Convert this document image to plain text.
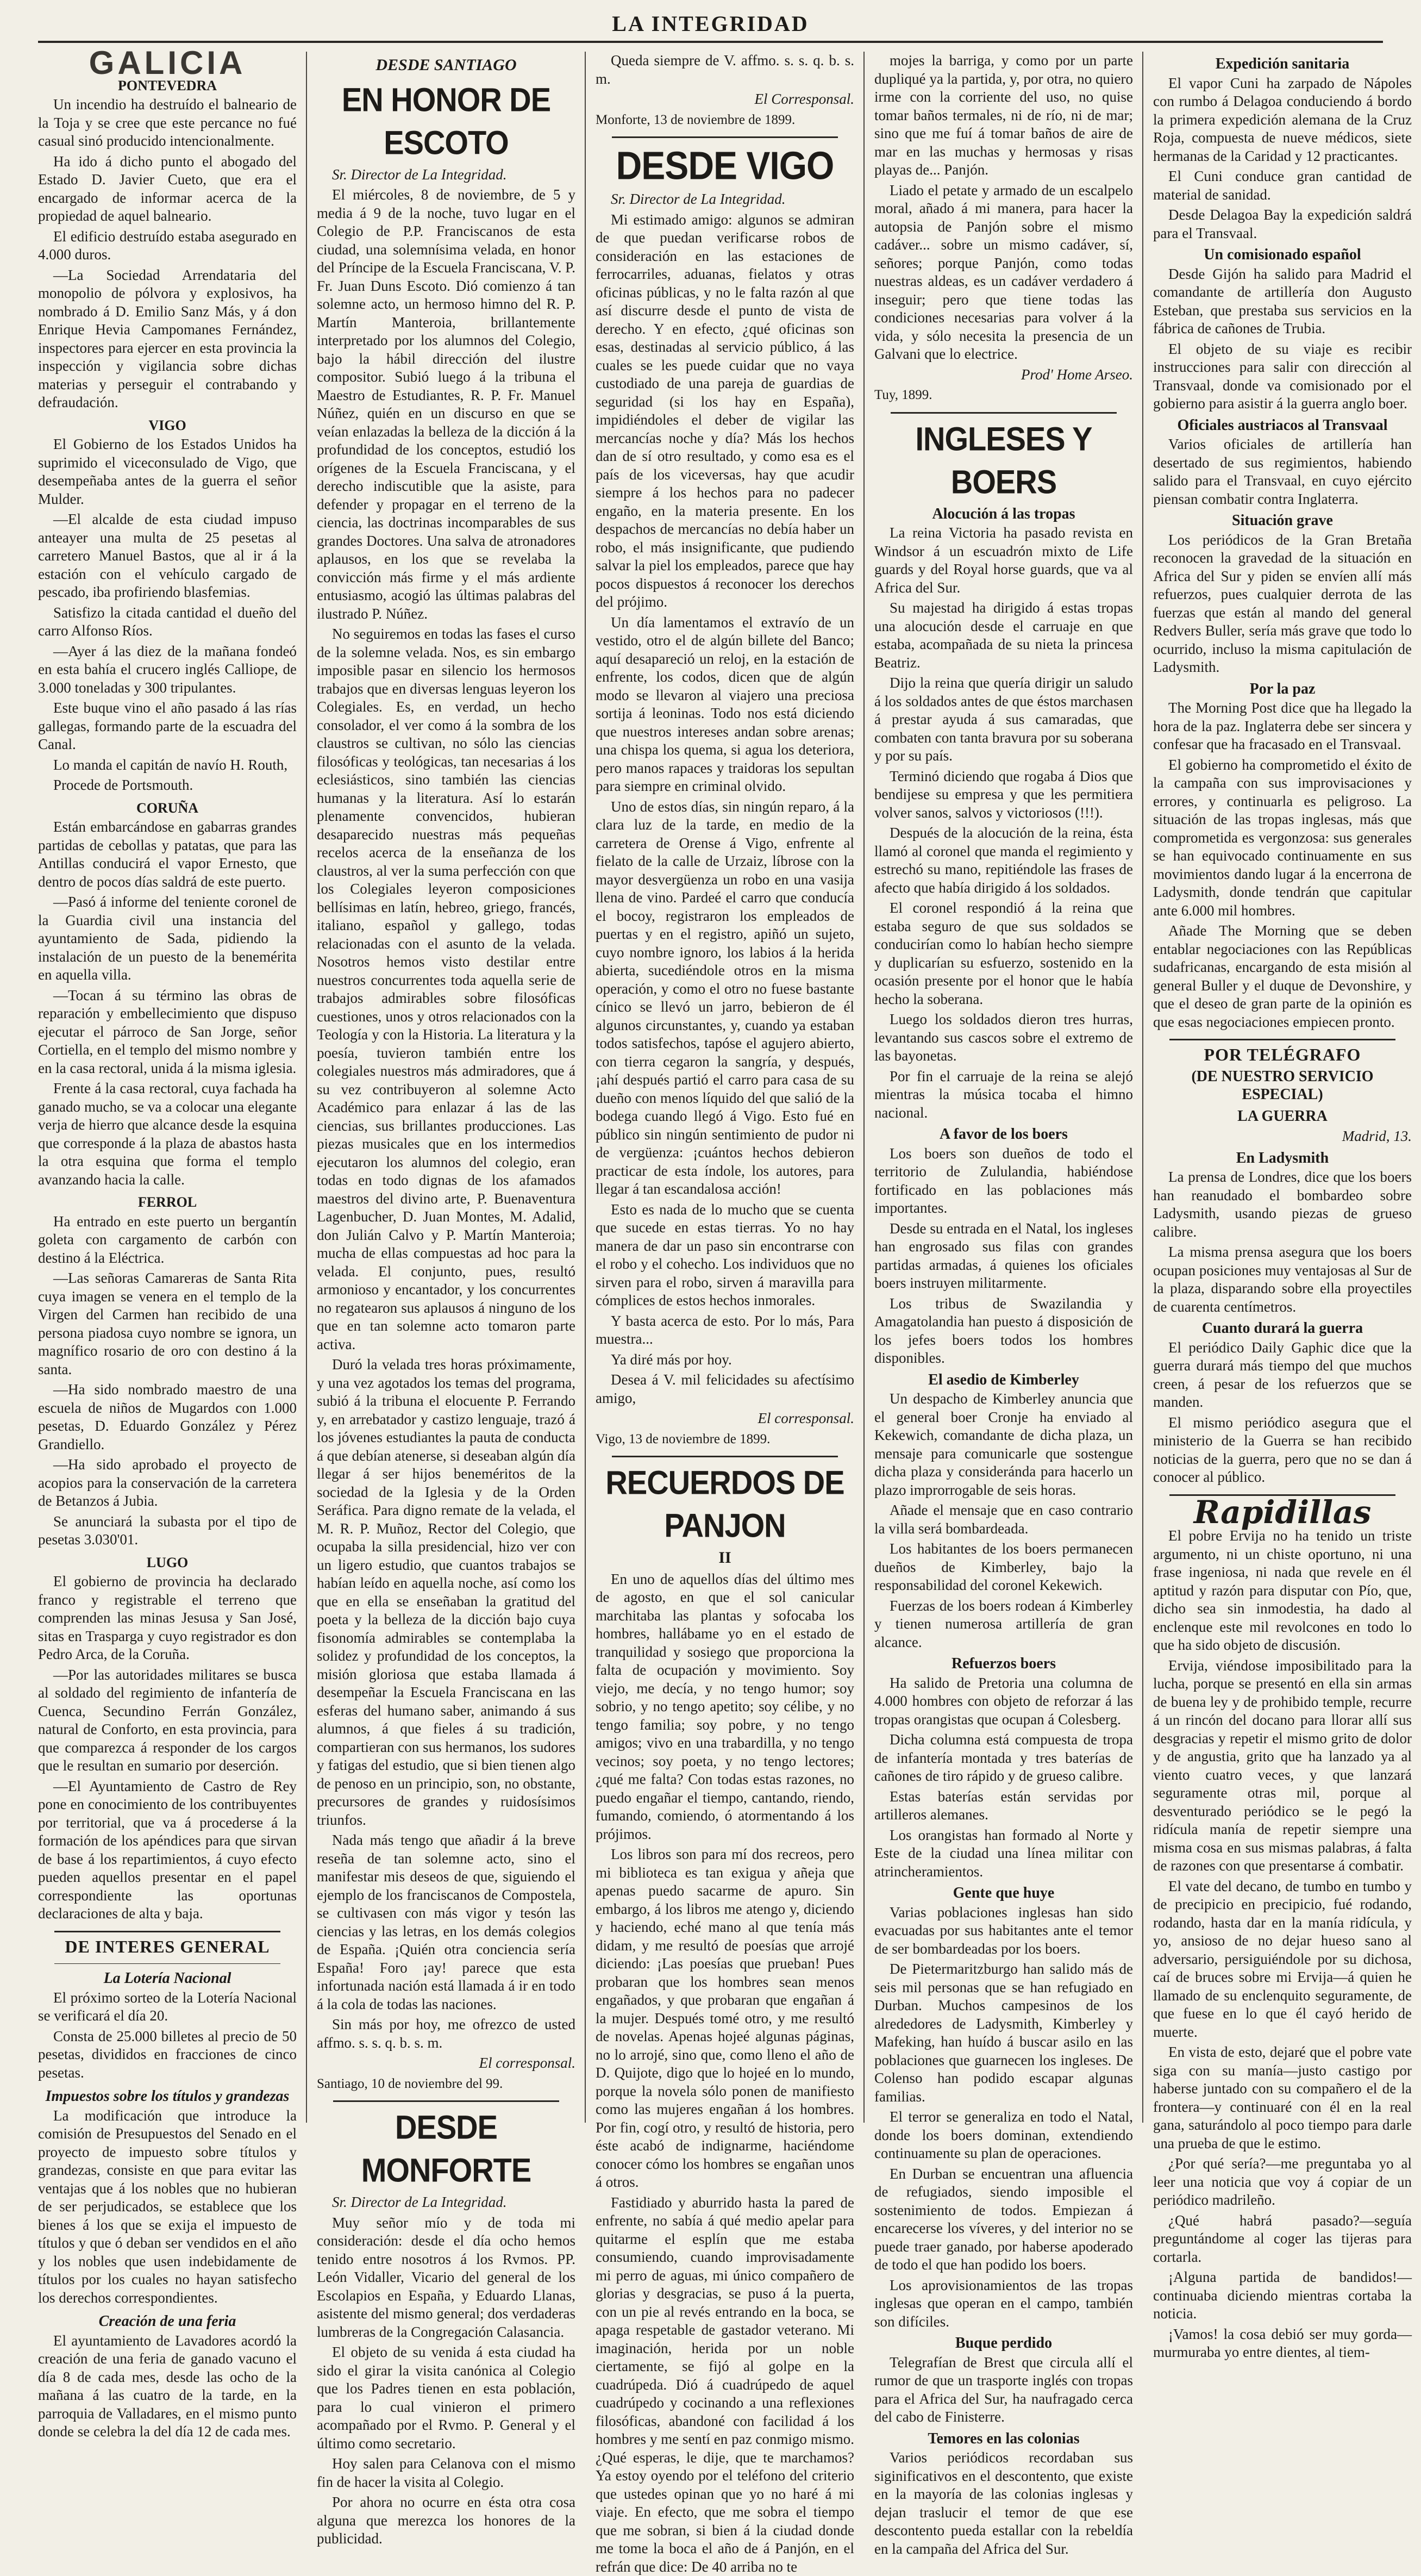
LA INTEGRIDAD
GALICIA
PONTEVEDRA

Un incendio ha destruído el balneario de la Toja y se cree que este percance no fué casual sinó producido intencionalmente.

Ha ido á dicho punto el abogado del Estado D. Javier Cueto, que era el encargado de informar acerca de la propiedad de aquel balneario.

El edificio destruído estaba asegurado en 4.000 duros.

—La Sociedad Arrendataria del monopolio de pólvora y explosivos, ha nombrado á D. Emilio Sanz Más, y á don Enrique Hevia Campomanes Fernández, inspectores para ejercer en esta provincia la inspección y vigilancia sobre dichas materias y perseguir el contrabando y defraudación.

VIGO

El Gobierno de los Estados Unidos ha suprimido el viceconsulado de Vigo, que desempeñaba antes de la guerra el señor Mulder.

—El alcalde de esta ciudad impuso anteayer una multa de 25 pesetas al carretero Manuel Bastos, que al ir á la estación con el vehículo cargado de pescado, iba profiriendo blasfemias.

Satisfizo la citada cantidad el dueño del carro Alfonso Ríos.

—Ayer á las diez de la mañana fondeó en esta bahía el crucero inglés Calliope, de 3.000 toneladas y 300 tripulantes.

Este buque vino el año pasado á las rías gallegas, formando parte de la escuadra del Canal.

Lo manda el capitán de navío H. Routh,

Procede de Portsmouth.

CORUÑA

Están embarcándose en gabarras grandes partidas de cebollas y patatas, que para las Antillas conducirá el vapor Ernesto, que dentro de pocos días saldrá de este puerto.

—Pasó á informe del teniente coronel de la Guardia civil una instancia del ayuntamiento de Sada, pidiendo la instalación de un puesto de la benemérita en aquella villa.

—Tocan á su término las obras de reparación y embellecimiento que dispuso ejecutar el párroco de San Jorge, señor Cortiella, en el templo del mismo nombre y en la casa rectoral, unida á la misma iglesia.

Frente á la casa rectoral, cuya fachada ha ganado mucho, se va a colocar una elegante verja de hierro que alcance desde la esquina que corresponde á la plaza de abastos hasta la otra esquina que forma el templo avanzando hacia la calle.

FERROL

Ha entrado en este puerto un bergantín goleta con cargamento de carbón con destino á la Eléctrica.

—Las señoras Camareras de Santa Rita cuya imagen se venera en el templo de la Virgen del Carmen han recibido de una persona piadosa cuyo nombre se ignora, un magnífico rosario de oro con destino á la santa.

—Ha sido nombrado maestro de una escuela de niños de Mugardos con 1.000 pesetas, D. Eduardo González y Pérez Grandiello.

—Ha sido aprobado el proyecto de acopios para la conservación de la carretera de Betanzos á Jubia.

Se anunciará la subasta por el tipo de pesetas 3.030'01.

LUGO

El gobierno de provincia ha declarado franco y registrable el terreno que comprenden las minas Jesusa y San José, sitas en Traspargа y cuyo registrador es don Pedro Arca, de la Coruña.

—Por las autoridades militares se busca al soldado del regimiento de infantería de Cuenca, Secundino Ferrán González, natural de Conforto, en esta provincia, para que comparezca á responder de los cargos que le resultan en sumario por deserción.

—El Ayuntamiento de Castro de Rey pone en conocimiento de los contribuyentes por territorial, que va á procederse á la formación de los apéndices para que sirvan de base á los repartimientos, á cuyo efecto pueden aquellos presentar en el papel correspondiente las oportunas declaraciones de alta y baja.

DE INTERES GENERAL
La Lotería Nacional

El próximo sorteo de la Lotería Nacional se verificará el día 20.

Consta de 25.000 billetes al precio de 50 pesetas, divididos en fracciones de cinco pesetas.

Impuestos sobre los títulos y grandezas

La modificación que introduce la comisión de Presupuestos del Senado en el proyecto de impuesto sobre títulos y grandezas, consiste en que para evitar las ventajas que á los nobles que no hubieran de ser perjudicados, se establece que los bienes á los que se exija el impuesto de títulos y que ó deban ser vendidos en el año y los nobles que usen indebidamente de títulos por los cuales no hayan satisfecho los derechos correspondientes.

Creación de una feria

El ayuntamiento de Lavadores acordó la creación de una feria de ganado vacuno el día 8 de cada mes, desde las ocho de la mañana á las cuatro de la tarde, en la parroquia de Valladares, en el mismo punto donde se celebra la del día 12 de cada mes.

DESDE SANTIAGO
EN HONOR DE ESCOTO
Sr. Director de La Integridad.

El miércoles, 8 de noviembre, de 5 y media á 9 de la noche, tuvo lugar en el Colegio de P.P. Franciscanos de esta ciudad, una solemnísima velada, en honor del Príncipe de la Escuela Franciscana, V. P. Fr. Juan Duns Escoto. Dió comienzo á tan solemne acto, un hermoso himno del R. P. Martín Manteroia, brillantemente interpretado por los alumnos del Colegio, bajo la hábil dirección del ilustre compositor. Subió luego á la tribuna el Maestro de Estudiantes, R. P. Fr. Manuel Núñez, quién en un discurso en que se veían enlazadas la belleza de la dicción á la profundidad de los conceptos, estudió los orígenes de la Escuela Franciscana, y el derecho indiscutible que la asiste, para defender y propagar en el terreno de la ciencia, las doctrinas incomparables de sus grandes Doctores. Una salva de atronadores aplausos, en los que se revelaba la convicción más firme y el más ardiente entusiasmo, acogió las últimas palabras del ilustrado P. Núñez.

No seguiremos en todas las fases el curso de la solemne velada. Nos, es sin embargo imposible pasar en silencio los hermosos trabajos que en diversas lenguas leyeron los Colegiales. Es, en verdad, un hecho consolador, el ver como á la sombra de los claustros se cultivan, no sólo las ciencias filosóficas y teológicas, tan necesarias á los eclesiásticos, sino también las ciencias humanas y la literatura. Así lo estarán plenamente convencidos, hubieran desaparecido nuestras más pequeñas recelos acerca de la enseñanza de los claustros, al ver la suma perfección con que los Colegiales leyeron composiciones bellísimas en latín, hebreo, griego, francés, italiano, español y gallego, todas relacionadas con el asunto de la velada. Nosotros hemos visto destilar entre nuestros concurrentes toda aquella serie de trabajos admirables sobre filosóficas cuestiones, unos y otros relacionados con la Teología y con la Historia. La literatura y la poesía, tuvieron también entre los colegiales nuestros más admiradores, que á su vez contribuyeron al solemne Acto Académico para enlazar á las de las ciencias, sus brillantes producciones. Las piezas musicales que en los intermedios ejecutaron los alumnos del colegio, eran todas en todo dignas de los afamados maestros del divino arte, P. Buenaventura Lagenbucher, D. Juan Montes, M. Adalid, don Julián Calvo y P. Martín Manteroia; mucha de ellas compuestas ad hoc para la velada. El conjunto, pues, resultó armonioso y encantador, y los concurrentes no regatearon sus aplausos á ninguno de los que en tan solemne acto tomaron parte activa.

Duró la velada tres horas próximamente, y una vez agotados los temas del programa, subió á la tribuna el elocuente P. Ferrando y, en arrebatador y castizo lenguaje, trazó á los jóvenes estudiantes la pauta de conducta á que debían atenerse, si deseaban algún día llegar á ser hijos beneméritos de la sociedad de la Iglesia y de la Orden Seráfica. Para digno remate de la velada, el M. R. P. Muñoz, Rector del Colegio, que ocupaba la silla presidencial, hizo ver con un ligero estudio, que cuantos trabajos se habían leído en aquella noche, así como los que en ella se enseñaban la gratitud del poeta y la belleza de la dicción bajo cuya fisonomía admirables se contemplaba la solidez y profundidad de los conceptos, la misión gloriosa que estaba llamada á desempeñar la Escuela Franciscana en las esferas del humano saber, animando á sus alumnos, á que fieles á su tradición, compartieran con sus hermanos, los sudores y fatigas del estudio, que si bien tienen algo de penoso en un principio, son, no obstante, precursores de grandes y ruidosísimos triunfos.

Nada más tengo que añadir á la breve reseña de tan solemne acto, sino el manifestar mis deseos de que, siguiendo el ejemplo de los franciscanos de Compostela, se cultivasen con más vigor y tesón las ciencias y las letras, en los demás colegios de España. ¡Quién otra conciencia sería España! Foro ¡ay! parece que esta infortunada nación está llamada á ir en todo á la cola de todas las naciones.

Sin más por hoy, me ofrezco de usted affmo. s. s. q. b. s. m.

El corresponsal.
Santiago, 10 de noviembre del 99.
DESDE MONFORTE
Sr. Director de La Integridad.

Muy señor mío y de toda mi consideración: desde el día ocho hemos tenido entre nosotros á los Rvmos. PP. León Vidaller, Vicario del general de los Escolapios en España, y Eduardo Llanas, asistente del mismo general; dos verdaderas lumbreras de la Congregación Calasancia.

El objeto de su venida á esta ciudad ha sido el girar la visita canónica al Colegio que los Padres tienen en esta población, para lo cual vinieron el primero acompañado por el Rvmo. P. General y el último como secretario.

Hoy salen para Celanova con el mismo fin de hacer la visita al Colegio.

Por ahora no ocurre en ésta otra cosa alguna que merezca los honores de la publicidad.

Queda siempre de V. affmo. s. s. q. b. s. m.

El Corresponsal.
Monforte, 13 de noviembre de 1899.
DESDE VIGO
Sr. Director de La Integridad.

Mi estimado amigo: algunos se admiran de que puedan verificarse robos de consideración en las estaciones de ferrocarriles, aduanas, fielatos y otras oficinas públicas, y no le falta razón al que así discurre desde el punto de vista de derecho. Y en efecto, ¿qué oficinas son esas, destinadas al servicio público, á las cuales se les puede cuidar que no vaya custodiado de una pareja de guardias de seguridad (si los hay en España), impidiéndoles el deber de vigilar las mercancías noche y día? Más los hechos dan de sí otro resultado, y como esa es el país de los viceversas, hay que acudir siempre á los hechos para no padecer engaño, en la materia presente. En los despachos de mercancías no debía haber un robo, el más insignificante, que pudiendo salvar la piel los empleados, parece que hay pocos dispuestos á reconocer los derechos del prójimo.

Un día lamentamos el extravío de un vestido, otro el de algún billete del Banco; aquí desapareció un reloj, en la estación de enfrente, los codos, dicen que de algún modo se llevaron al viajero una preciosa sortija á leoninas. Todo nos está diciendo que nuestros intereses andan sobre arenas; una chispa los quema, si agua los deteriora, pero manos rapaces y traidoras los sepultan para siempre en criminal olvido.

Uno de estos días, sin ningún reparo, á la clara luz de la tarde, en medio de la carretera de Orense á Vigo, enfrente al fielato de la calle de Urzaiz, líbrose con la mayor desvergüenza un robo en una vasija llena de vino. Pardeé el carro que conducía el bocoy, registraron los empleados de puertas y en el registro, apiñó un sujeto, cuyo nombre ignoro, los labios á la herida abierta, sucediéndole otros en la misma operación, y como el otro no fuese bastante cínico se llevó un jarro, bebieron de él algunos circunstantes, y, cuando ya estaban todos satisfechos, tapóse el agujero abierto, con tierra cegaron la sangría, y después, ¡ahí después partió el carro para casa de su dueño con menos líquido del que salió de la bodega cuando llegó á Vigo. Esto fué en público sin ningún sentimiento de pudor ni de vergüenza: ¡cuántos hechos debieron practicar de esta índole, los autores, para llegar á tan escandalosa acción!

Esto es nada de lo mucho que se cuenta que sucede en estas tierras. Yo no hay manera de dar un paso sin encontrarse con el robo y el cohecho. Los individuos que no sirven para el robo, sirven á maravilla para cómplices de estos hechos inmorales.

Y basta acerca de esto. Por lo más, Para muestra...

Ya diré más por hoy.

Desea á V. mil felicidades su afectísimo amigo,

El corresponsal.
Vigo, 13 de noviembre de 1899.
RECUERDOS DE PANJON
II

En uno de aquellos días del último mes de agosto, en que el sol canicular marchitaba las plantas y sofocaba los hombres, hallábame yo en el estado de tranquilidad y sosiego que proporciona la falta de ocupación y movimiento. Soy viejo, me decía, y no tengo humor; soy sobrio, y no tengo apetito; soy célibe, y no tengo familia; soy pobre, y no tengo amigos; vivo en una trabardilla, y no tengo vecinos; soy poeta, y no tengo lectores; ¿qué me falta? Con todas estas razones, no puedo engañar el tiempo, cantando, riendo, fumando, comiendo, ó atormentando á los prójimos.

Los libros son para mí dos recreos, pero mi biblioteca es tan exigua y añeja que apenas puedo sacarme de apuro. Sin embargo, á los libros me atengo y, diciendo y haciendo, eché mano al que tenía más didam, y me resultó de poesías que arrojé diciendo: ¡Las poesías que prueban! Pues probaran que los hombres sean menos engañados, y que probaran que engañan á la mujer. Después tomé otro, y me resultó de novelas. Apenas hojeé algunas páginas, no lo arrojé, sino que, como lleno el año de D. Quijote, digo que lo hojeé en lo mundo, porque la novela sólo ponen de manifiesto como las mujeres engañan á los hombres. Por fin, cogí otro, y resultó de historia, pero éste acabó de indignarme, haciéndome conocer cómo los hombres se engañan unos á otros.

Fastidiado y aburrido hasta la pared de enfrente, no sabía á qué medio apelar para quitarme el esplín que me estaba consumiendo, cuando improvisadamente mi perro de aguas, mi único compañero de glorias y desgracias, se puso á la puerta, con un pie al revés entrando en la boca, se apaga respetable de gastador veterano. Mi imaginación, herida por un noble ciertamente, se fijó al golpe en la cuadrúpeda. Dió á cuadrúpedo de aquel cuadrúpedo y cocinando a una reflexiones filosóficas, abandoné con facilidad á los hombres y me sentí en paz conmigo mismo. ¿Qué esperas, le dije, que te marchamos? Ya estoy oyendo por el teléfono del criterio que ustedes opinan que yo no haré á mi viaje. En efecto, que me sobra el tiempo que me sobran, si bien á la ciudad donde me tome la boca el año de á Panjón, en el refrán que dice: De 40 arriba no te

mojes la barriga, y como por un parte dupliqué ya la partida, y, por otra, no quiero irme con la corriente del uso, no quise tomar baños termales, ni de río, ni de mar; sino que me fuí á tomar baños de aire de mar en las muchas y hermosas y risas playas de... Panjón.

Liado el petate y armado de un escalpelo moral, añado á mi manera, para hacer la autopsia de Panjón sobre el mismo cadáver... sobre un mismo cadáver, sí, señores; porque Panjón, como todas nuestras aldeas, es un cadáver verdadero á inseguir; pero que tiene todas las condiciones necesarias para volver á la vida, y sólo necesita la presencia de un Galvani que lo electrice.

Prod' Home Arseo.
Tuy, 1899.
INGLESES Y BOERS
Alocución á las tropas

La reina Victoria ha pasado revista en Windsor á un escuadrón mixto de Life guards y del Royal horse guards, que va al Africa del Sur.

Su majestad ha dirigido á estas tropas una alocución desde el carruaje en que estaba, acompañada de su nieta la princesa Beatriz.

Dijo la reina que quería dirigir un saludo á los soldados antes de que éstos marchasen á prestar ayuda á sus camaradas, que combaten con tanta bravura por su soberana y por su país.

Terminó diciendo que rogaba á Dios que bendijese su empresa y que les permitiera volver sanos, salvos y victoriosos (!!!).

Después de la alocución de la reina, ésta llamó al coronel que manda el regimiento y estrechó su mano, repitiéndole las frases de afecto que había dirigido á los soldados.

El coronel respondió á la reina que estaba seguro de que sus soldados se conducirían como lo habían hecho siempre y duplicarían su esfuerzo, sostenido en la ocasión presente por el honor que le había hecho la soberana.

Luego los soldados dieron tres hurras, levantando sus cascos sobre el extremo de las bayonetas.

Por fin el carruaje de la reina se alejó mientras la música tocaba el himno nacional.

A favor de los boers

Los boers son dueños de todo el territorio de Zululandia, habiéndose fortificado en las poblaciones más importantes.

Desde su entrada en el Natal, los ingleses han engrosado sus filas con grandes partidas armadas, á quienes los oficiales boers instruyen militarmente.

Los tribus de Swazilandia y Amagatolandia han puesto á disposición de los jefes boers todos los hombres disponibles.

El asedio de Kimberley

Un despacho de Kimberley anuncia que el general boer Cronje ha enviado al Kekewich, comandante de dicha plaza, un mensaje para comunicarle que sostengue dicha plaza y consideránda para hacerlo un plazo improrrogable de seis horas.

Añade el mensaje que en caso contrario la villa será bombardeada.

Los habitantes de los boers permanecen dueños de Kimberley, bajo la responsabilidad del coronel Kekewich.

Fuerzas de los boers rodean á Kimberley y tienen numerosa artillería de gran alcance.

Refuerzos boers

Ha salido de Pretoria una columna de 4.000 hombres con objeto de reforzar á las tropas orangistas que ocupan á Colesberg.

Dicha columna está compuesta de tropa de infantería montada y tres baterías de cañones de tiro rápido y de grueso calibre.

Estas baterías están servidas por artilleros alemanes.

Los orangistas han formado al Norte y Este de la ciudad una línea militar con atrincheramientos.

Gente que huye

Varias poblaciones inglesas han sido evacuadas por sus habitantes ante el temor de ser bombardeadas por los boers.

De Pietermaritzburgo han salido más de seis mil personas que se han refugiado en Durban. Muchos campesinos de los alrededores de Ladysmith, Kimberley y Mafeking, han huído á buscar asilo en las poblaciones que guarnecen los ingleses. De Colenso han podido escapar algunas familias.

El terror se generaliza en todo el Natal, donde los boers dominan, extendiendo continuamente su plan de operaciones.

En Durban se encuentran una afluencia de refugiados, siendo imposible el sostenimiento de todos. Empiezan á encarecerse los víveres, y del interior no se puede traer ganado, por haberse apoderado de todo el que han podido los boers.

Los aprovisionamientos de las tropas inglesas que operan en el campo, también son difíciles.

Buque perdido

Telegrafían de Brest que circula allí el rumor de que un trasporte inglés con tropas para el Africa del Sur, ha naufragado cerca del cabo de Finisterre.

Temores en las colonias

Varios periódicos recordaban sus siginificativos en el descontento, que existe en la mayoría de las colonias inglesas y dejan traslucir el temor de que ese descontento pueda estallar con la rebeldía en la campaña del Africa del Sur.

Expedición sanitaria

El vapor Cuni ha zarpado de Nápoles con rumbo á Delagoa conduciendo á bordo la primera expedición alemana de la Cruz Roja, compuesta de nueve médicos, siete hermanas de la Caridad y 12 practicantes.

El Cuni conduce gran cantidad de material de sanidad.

Desde Delagoa Bay la expedición saldrá para el Transvaal.

Un comisionado español

Desde Gijón ha salido para Madrid el comandante de artillería don Augusto Esteban, que prestaba sus servicios en la fábrica de cañones de Trubia.

El objeto de su viaje es recibir instrucciones para salir con dirección al Transvaal, donde va comisionado por el gobierno para asistir á la guerra anglo boer.

Oficiales austriacos al Transvaal

Varios oficiales de artillería han desertado de sus regimientos, habiendo salido para el Transvaal, en cuyo ejército piensan combatir contra Inglaterra.

Situación grave

Los periódicos de la Gran Bretaña reconocen la gravedad de la situación en Africa del Sur y piden se envíen allí más refuerzos, pues cualquier derrota de las fuerzas que están al mando del general Redvers Buller, sería más grave que todo lo ocurrido, incluso la misma capitulación de Ladysmith.

Por la paz

The Morning Post dice que ha llegado la hora de la paz. Inglaterra debe ser sincera y confesar que ha fracasado en el Transvaal.

El gobierno ha comprometido el éxito de la campaña con sus improvisaciones y errores, y continuarla es peligroso. La situación de las tropas inglesas, más que comprometida es vergonzosa: sus generales se han equivocado continuamente en sus movimientos dando lugar á la encerrona de Ladysmith, donde tendrán que capitular ante 6.000 mil hombres.

Añade The Morning que se deben entablar negociaciones con las Repúblicas sudafricanas, encargando de esta misión al general Buller y el duque de Devonshire, y que el deseo de gran parte de la opinión es que esas negociaciones empiecen pronto.

POR TELÉGRAFO
(DE NUESTRO SERVICIO ESPECIAL)
LA GUERRA
Madrid, 13.
En Ladysmith

La prensa de Londres, dice que los boers han reanudado el bombardeo sobre Ladysmith, usando piezas de grueso calibre.

La misma prensa asegura que los boers ocupan posiciones muy ventajosas al Sur de la plaza, disparando sobre ella proyectiles de cuarenta centímetros.

Cuanto durará la guerra

El periódico Daily Gaphic dice que la guerra durará más tiempo del que muchos creen, á pesar de los refuerzos que se manden.

El mismo periódico asegura que el ministerio de la Guerra se han recibido noticias de la guerra, pero que no se dan á conocer al público.

Rapidillas

El pobre Ervija no ha tenido un triste argumento, ni un chiste oportuno, ni una frase ingeniosa, ni nada que revele en él aptitud y razón para disputar con Pío, que, dicho sea sin inmodestia, ha dado al enclenque este mil revolcones en todo lo que ha sido objeto de discusión.

Ervija, viéndose imposibilitado para la lucha, porque se presentó en ella sin armas de buena ley y de prohibido temple, recurre á un rincón del docano para llorar allí sus desgracias y repetir el mismo grito de dolor y de angustia, grito que ha lanzado ya al viento cuatro veces, y que lanzará seguramente otras mil, porque al desventurado periódico se le pegó la ridícula manía de repetir siempre una misma cosa en sus mismas palabras, á falta de razones con que presentarse á combatir.

El vate del decano, de tumbo en tumbo y de precipicio en precipicio, fué rodando, rodando, hasta dar en la manía ridícula, y yo, ansioso de no dejar hueso sano al adversario, persiguiéndole por su dichosa, caí de bruces sobre mi Ervija—á quien he llamado de su enclenquito seguramente, de que fuese en lo que él cayó herido de muerte.

En vista de esto, dejaré que el pobre vate siga con su manía—justo castigo por haberse juntado con su compañero el de la frontera—y continuaré con él en la real gana, saturándolo al poco tiempo para darle una prueba de que le estimo.

¿Por qué sería?—me preguntaba yo al leer una noticia que voy á copiar de un periódico madrileño.

¿Qué habrá pasado?—seguía preguntándome al coger las tijeras para cortarla.

¡Alguna partida de bandidos!—continuaba diciendo mientras cortaba la noticia.

¡Vamos! la cosa debió ser muy gorda—murmuraba yo entre dientes, al tiem-
